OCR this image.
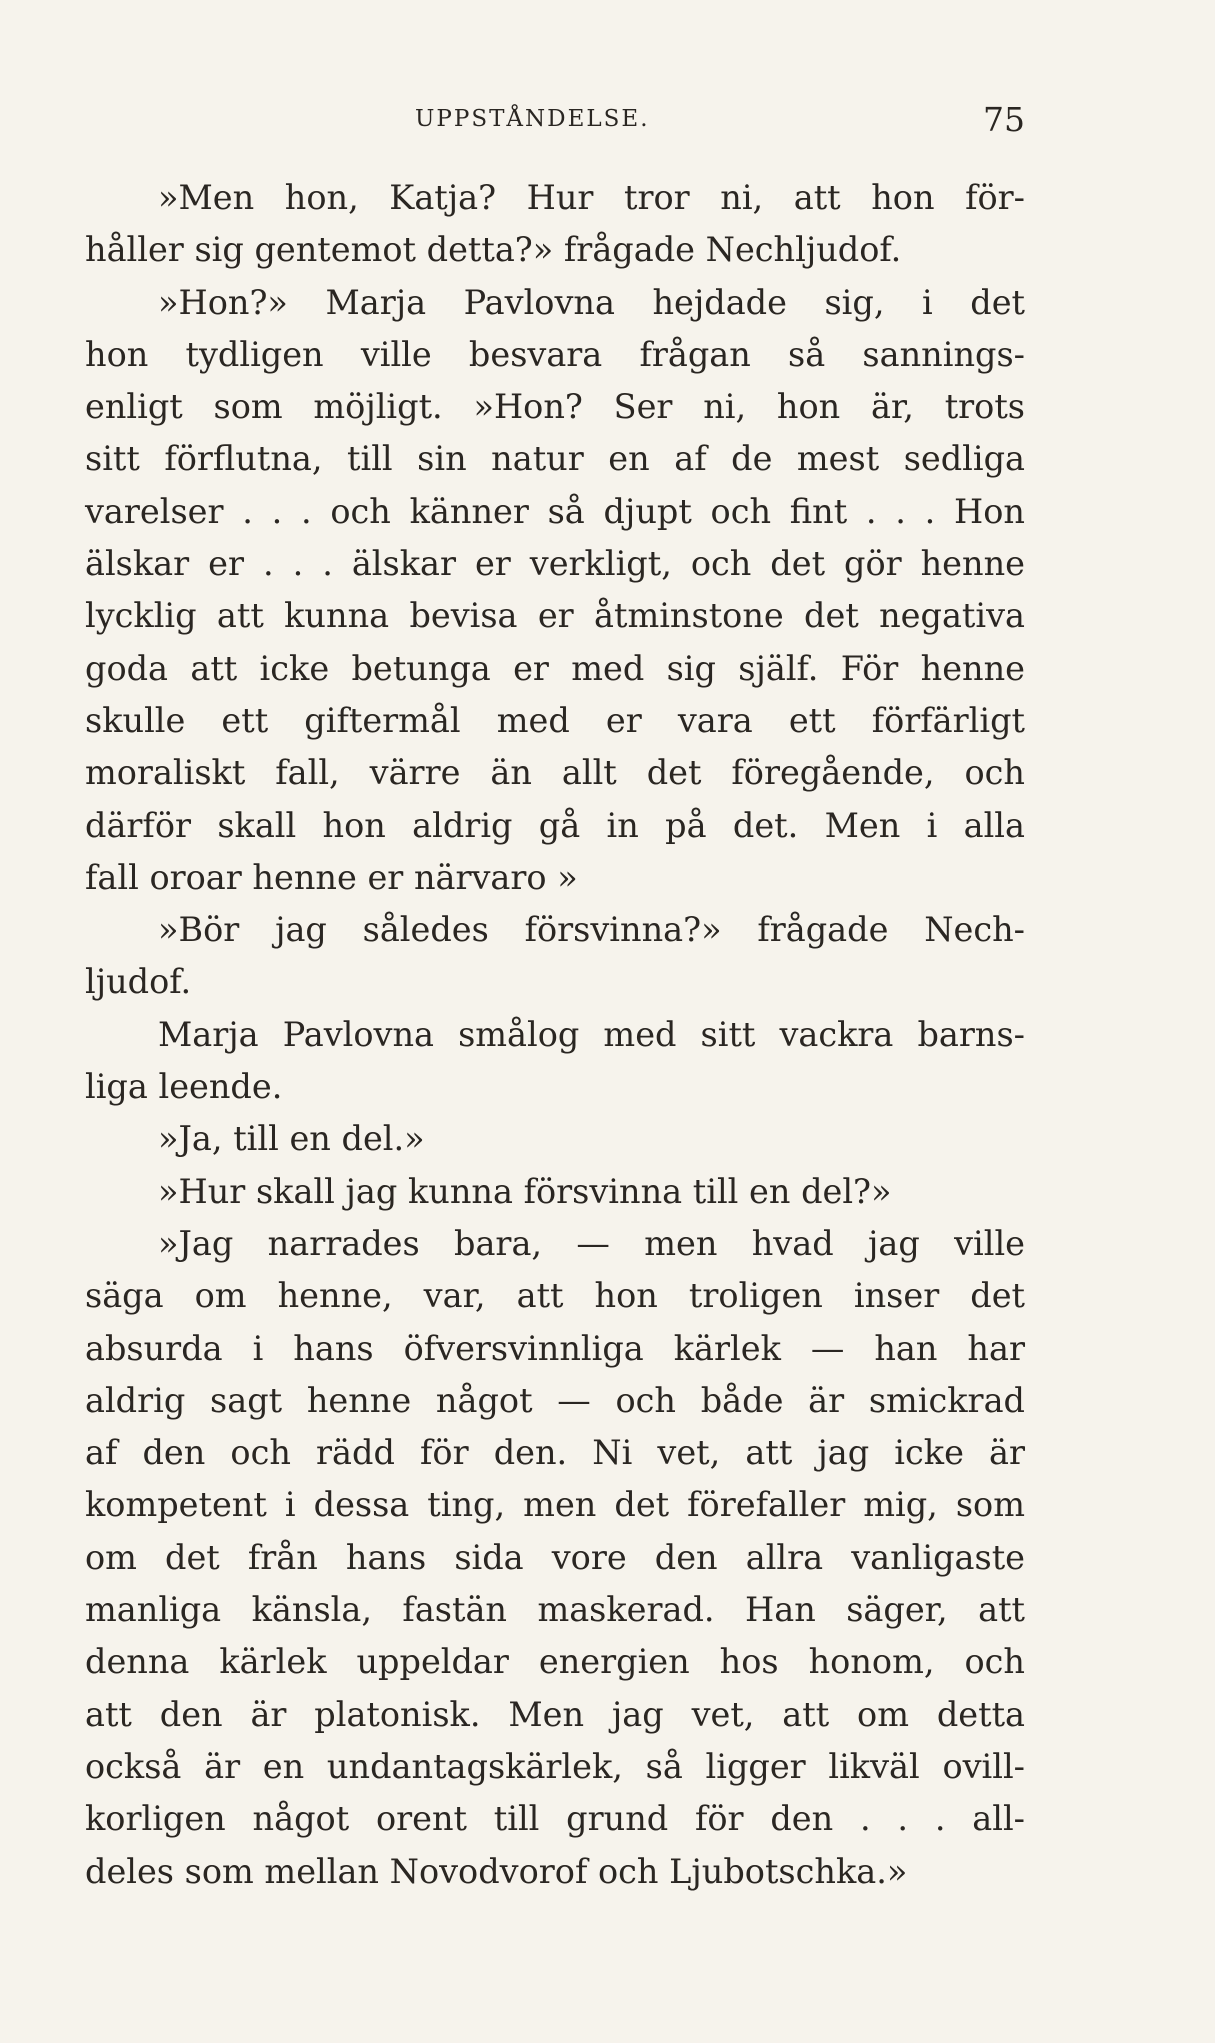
UPPSTÅNDELSE.	75
»Men hon, Katja? Hur tror ni, att hon för-
håller sig gentemot detta?» frågade Nechljudof.
»Hon?» Marja Pavlovna hejdade sig, i det
hon tydligen ville besvara frågan så sannings-
enligt som möjligt. »Hon? Ser ni, hon är, trots
sitt förflutna, till sin natur en af de mest sedliga
varelser . . . och känner så djupt och fint . . . Hon
älskar er . . . älskar er verkligt, och det gör henne
lycklig att kunna bevisa er åtminstone det negativa
goda att icke betunga er med sig själf. För henne
skulle ett giftermål med er vara ett förfärligt
moraliskt fall, värre än allt det föregående, och
därför skall hon aldrig gå in på det. Men i alla
fall oroar henne er närvaro »
»Bör jag således försvinna?» frågade Nech-
ljudof.
Marja Pavlovna smålog med sitt vackra barns-
liga leende.
»Ja, till en del.»
»Hur skall jag kunna försvinna till en del?»
»Jag narrades bara, — men hvad jag ville
säga om henne, var, att hon troligen inser det
absurda i hans öfversvinnliga kärlek — han har
aldrig sagt henne något — och både är smickrad
af den och rädd för den. Ni vet, att jag icke är
kompetent i dessa ting, men det förefaller mig, som
om det från hans sida vore den allra vanligaste
manliga känsla, fastän maskerad. Han säger, att
denna kärlek uppeldar energien hos honom, och
att den är platonisk. Men jag vet, att om detta
också är en undantagskärlek, så ligger likväl ovill-
korligen något orent till grund för den . . . all-
deles som mellan Novodvorof och Ljubotschka.»
